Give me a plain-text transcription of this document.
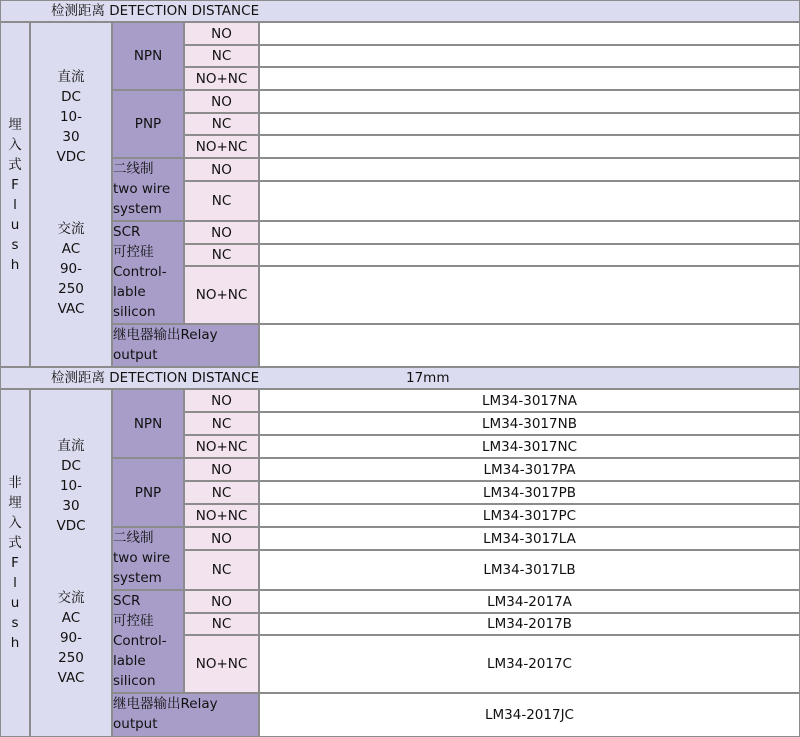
检测距离 DETECTION DISTANCE
埋
入
式
F
l
u
s
h
直流
DC
10-
30
VDC
交流
AC
90-
250
VAC
NPN
PNP
二线制
two wire
system
SCR
可控硅
Control-
lable
silicon
继电器输出Relay
output
NO
NC
NO+NC
NO
NC
NO+NC
NO
NC
NO
NC
NO+NC
检测距离 DETECTION DISTANCE	17mm
非
埋
入
式
F
l
u
s
h
直流
DC
10-
30
VDC
交流
AC
90-
250
VAC
NPN
PNP
二线制
two wire
system
SCR
可控硅
Control-
lable
silicon
继电器输出Relay
output
NO
NC
NO+NC
NO
NC
NO+NC
NO
NC
NO
NC
NO+NC
LM34-3017NA
LM34-3017NB
LM34-3017NC
LM34-3017PA
LM34-3017PB
LM34-3017PC
LM34-3017LA
LM34-3017LB
LM34-2017A
LM34-2017B
LM34-2017C
LM34-2017JC
